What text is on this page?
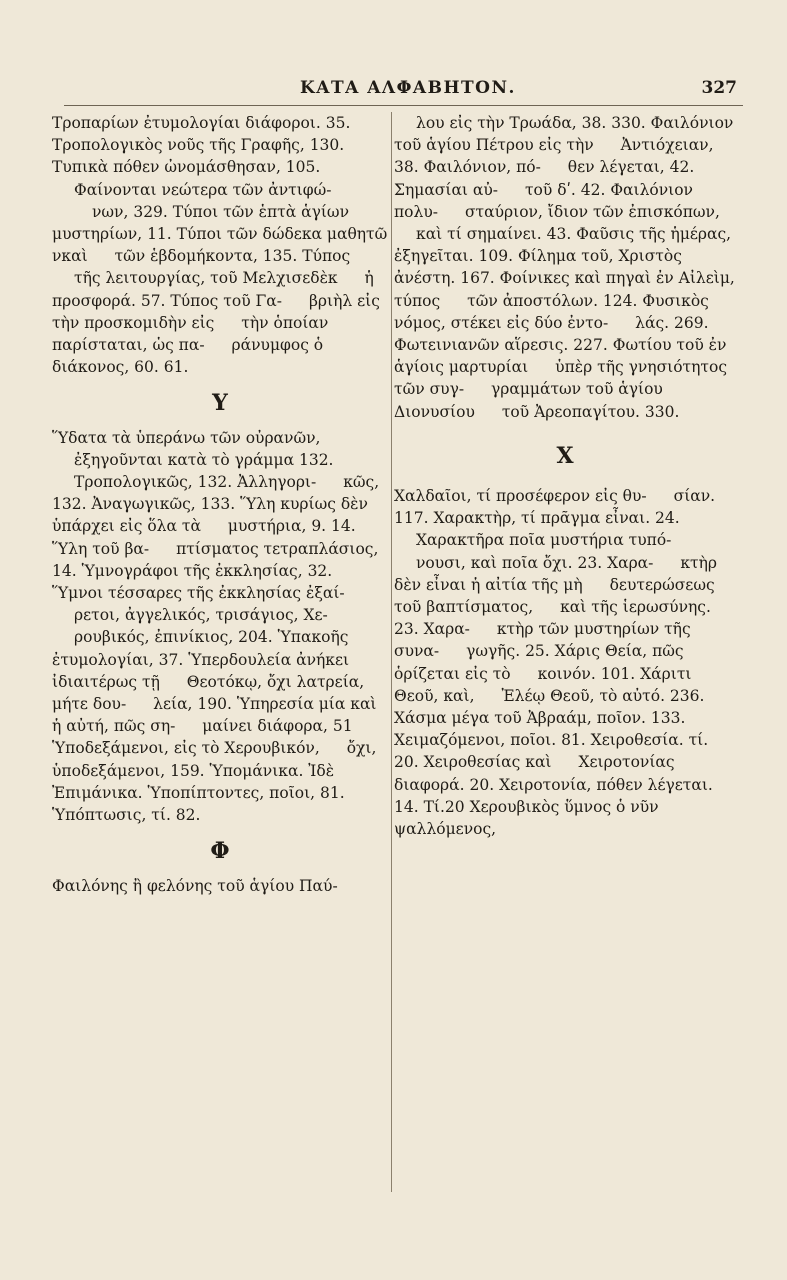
ΚΑΤΑ ΑΛΦΑΒΗΤΟΝ.	327
Τροπαρίων ἐτυμολογίαι διάφοροι. 35. Τροπολογικὸς νοῦς τῆς Γραφῆς, 130. Τυπικὰ πόθεν ὠνομάσθησαν, 105. Φαίνονται νεώτερα τῶν ἀντιφώ- νων, 329. Τύποι τῶν ἑπτὰ ἁγίων μυστηρίων, 11. Τύποι τῶν δώδεκα μαθητῶ νκαὶ τῶν ἑβδομήκοντα, 135. Τύπος τῆς λειτουργίας, τοῦ Μελχισεδὲκ ἡ προσφορά. 57. Τύπος τοῦ Γα- βριὴλ εἰς τὴν προσκομιδὴν εἰς τὴν ὁποίαν παρίσταται, ὡς πα- ράνυμφος ὁ διάκονος, 60. 61.
Υ
Ὕδατα τὰ ὑπεράνω τῶν οὐρανῶν, ἐξηγοῦνται κατὰ τὸ γράμμα 132. Τροπολογικῶς, 132. Ἀλληγορι- κῶς, 132. Ἀναγωγικῶς, 133. Ὕλη κυρίως δὲν ὑπάρχει εἰς ὅλα τὰ μυστήρια, 9. 14. Ὕλη τοῦ βα- πτίσματος τετραπλάσιος, 14. Ὑμνογράφοι τῆς ἐκκλησίας, 32. Ὕμνοι τέσσαρες τῆς ἐκκλησίας ἐξαί- ρετοι, ἀγγελικός, τρισάγιος, Χε- ρουβικός, ἐπινίκιος, 204. Ὑπακοῆς ἐτυμολογίαι, 37. Ὑπερδουλεία ἀνήκει ἰδιαιτέρως τῇ Θεοτόκῳ, ὄχι λατρεία, μήτε δου- λεία, 190. Ὑπηρεσία μία καὶ ἡ αὐτή, πῶς ση- μαίνει διάφορα, 51 Ὑποδεξάμενοι, εἰς τὸ Χερουβικόν, ὄχι, ὑποδεξάμενοι, 159. Ὑπομάνικα. Ἰδὲ Ἐπιμάνικα. Ὑποπίπτοντες, ποῖοι, 81. Ὑπόπτωσις, τί. 82.
Φ
Φαιλόνης ἢ φελόνης τοῦ ἁγίου Παύ-
λου εἰς τὴν Τρωάδα, 38. 330. Φαιλόνιον τοῦ ἁγίου Πέτρου εἰς τὴν Ἀντιόχειαν, 38. Φαιλόνιον, πό- θεν λέγεται, 42. Σημασίαι αὐ- τοῦ δʹ. 42. Φαιλόνιον πολυ- σταύριον, ἴδιον τῶν ἐπισκόπων, καὶ τί σημαίνει. 43. Φαῦσις τῆς ἡμέρας, ἐξηγεῖται. 109. Φίλημα τοῦ, Χριστὸς ἀνέστη. 167. Φοίνικες καὶ πηγαὶ ἐν Αἰλεὶμ, τύπος τῶν ἀποστόλων. 124. Φυσικὸς νόμος, στέκει εἰς δύο ἐντο- λάς. 269. Φωτεινιανῶν αἵρεσις. 227. Φωτίου τοῦ ἐν ἁγίοις μαρτυρίαι ὑπὲρ τῆς γνησιότητος τῶν συγ- γραμμάτων τοῦ ἁγίου Διονυσίου τοῦ Ἀρεοπαγίτου. 330.
Χ
Χαλδαῖοι, τί προσέφερον εἰς θυ- σίαν. 117. Χαρακτὴρ, τί πρᾶγμα εἶναι. 24. Χαρακτῆρα ποῖα μυστήρια τυπό- νουσι, καὶ ποῖα ὄχι. 23. Χαρα- κτὴρ δὲν εἶναι ἡ αἰτία τῆς μὴ δευτερώσεως τοῦ βαπτίσματος, καὶ τῆς ἱερωσύνης. 23. Χαρα- κτὴρ τῶν μυστηρίων τῆς συνα- γωγῆς. 25. Χάρις Θεία, πῶς ὁρίζεται εἰς τὸ κοινόν. 101. Χάριτι Θεοῦ, καὶ, Ἐλέῳ Θεοῦ, τὸ αὐτό. 236. Χάσμα μέγα τοῦ Ἀβραάμ, ποῖον. 133. Χειμαζόμενοι, ποῖοι. 81. Χειροθεσία. τί. 20. Χειροθεσίας καὶ Χειροτονίας διαφορά. 20. Χειροτονία, πόθεν λέγεται. 14. Τί.20 Χερουβικὸς ὕμνος ὁ νῦν ψαλλόμενος,
